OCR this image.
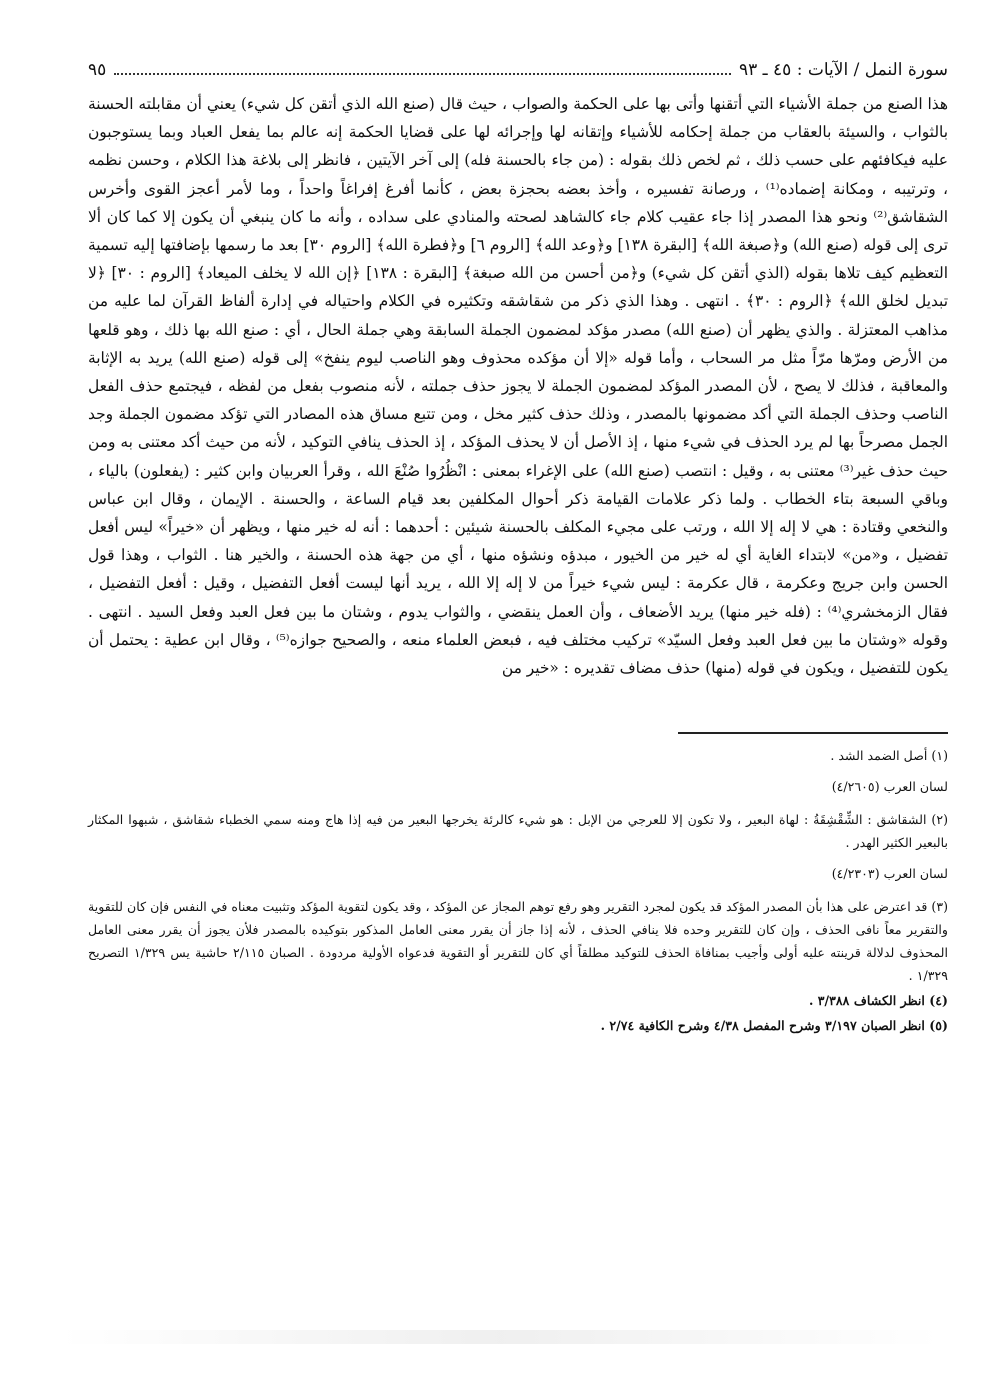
سورة النمل / الآيات : ٤٥ ـ ٩٣
٩٥

هذا الصنع من جملة الأشياء التي أتقنها وأتى بها على الحكمة والصواب ، حيث قال (صنع الله الذي أتقن كل شيء) يعني أن مقابلته الحسنة بالثواب ، والسيئة بالعقاب من جملة إحكامه للأشياء وإتقانه لها وإجرائه لها على قضايا الحكمة إنه عالم بما يفعل العباد وبما يستوجبون عليه فيكافئهم على حسب ذلك ، ثم لخص ذلك بقوله : (من جاء بالحسنة فله) إلى آخر الآيتين ، فانظر إلى بلاغة هذا الكلام ، وحسن نظمه ، وترتيبه ، ومكانة إضماده⁽¹⁾ ، ورصانة تفسيره ، وأخذ بعضه بحجزة بعض ، كأنما أفرغ إفراغاً واحداً ، وما لأمر أعجز القوى وأخرس الشقاشق⁽²⁾ ونحو هذا المصدر إذا جاء عقيب كلام جاء كالشاهد لصحته والمنادي على سداده ، وأنه ما كان ينبغي أن يكون إلا كما كان ألا ترى إلى قوله (صنع الله) و﴿صبغة الله﴾ [البقرة ١٣٨] و﴿وعد الله﴾ [الروم ٦] و﴿فطرة الله﴾ [الروم ٣٠] بعد ما رسمها بإضافتها إليه تسمية التعظيم كيف تلاها بقوله (الذي أتقن كل شيء) و﴿من أحسن من الله صبغة﴾ [البقرة : ١٣٨] ﴿إن الله لا يخلف الميعاد﴾ [الروم : ٣٠] ﴿لا تبديل لخلق الله﴾ ﴿الروم : ٣٠﴾ . انتهى . وهذا الذي ذكر من شقاشقه وتكثيره في الكلام واحتياله في إدارة ألفاظ القرآن لما عليه من مذاهب المعتزلة . والذي يظهر أن (صنع الله) مصدر مؤكد لمضمون الجملة السابقة وهي جملة الحال ، أي : صنع الله بها ذلك ، وهو قلعها من الأرض ومرّها مرّاً مثل مر السحاب ، وأما قوله «إلا أن مؤكده محذوف وهو الناصب ليوم ينفخ» إلى قوله (صنع الله) يريد به الإثابة والمعاقبة ، فذلك لا يصح ، لأن المصدر المؤكد لمضمون الجملة لا يجوز حذف جملته ، لأنه منصوب بفعل من لفظه ، فيجتمع حذف الفعل الناصب وحذف الجملة التي أكد مضمونها بالمصدر ، وذلك حذف كثير مخل ، ومن تتبع مساق هذه المصادر التي تؤكد مضمون الجملة وجد الجمل مصرحاً بها لم يرد الحذف في شيء منها ، إذ الأصل أن لا يحذف المؤكد ، إذ الحذف ينافي التوكيد ، لأنه من حيث أكد معتنى به ومن حيث حذف غير⁽³⁾ معتنى به ، وقيل : انتصب (صنع الله) على الإغراء بمعنى : انْظُرُوا صُنْعَ الله ، وقرأ العربيان وابن كثير : (يفعلون) بالياء ، وباقي السبعة بتاء الخطاب . ولما ذكر علامات القيامة ذكر أحوال المكلفين بعد قيام الساعة ، والحسنة . الإيمان ، وقال ابن عباس والنخعي وقتادة : هي لا إله إلا الله ، ورتب على مجيء المكلف بالحسنة شيئين : أحدهما : أنه له خير منها ، ويظهر أن «خيراً» ليس أفعل تفضيل ، و«من» لابتداء الغاية أي له خير من الخيور ، مبدؤه ونشؤه منها ، أي من جهة هذه الحسنة ، والخير هنا . الثواب ، وهذا قول الحسن وابن جريج وعكرمة ، قال عكرمة : ليس شيء خيراً من لا إله إلا الله ، يريد أنها ليست أفعل التفضيل ، وقيل : أفعل التفضيل ، فقال الزمخشري⁽⁴⁾ : (فله خير منها) يريد الأضعاف ، وأن العمل ينقضي ، والثواب يدوم ، وشتان ما بين فعل العبد وفعل السيد . انتهى . وقوله «وشتان ما بين فعل العبد وفعل السيّد» تركيب مختلف فيه ، فبعض العلماء منعه ، والصحيح جوازه⁽⁵⁾ ، وقال ابن عطية : يحتمل أن يكون للتفضيل ، ويكون في قوله (منها) حذف مضاف تقديره : «خير من

(١) أصل الضمد الشد .
لسان العرب (٤/٢٦٠٥)
(٢) الشقاشق : الشِّقْشِقَةُ : لهاة البعير ، ولا تكون إلا للعرجي من الإبل : هو شيء كالرئة يخرجها البعير من فيه إذا هاج ومنه سمي الخطباء شقاشق ، شبهوا المكثار بالبعير الكثير الهدر .
لسان العرب (٤/٢٣٠٣)
(٣) قد اعترض على هذا بأن المصدر المؤكد قد يكون لمجرد التقرير وهو رفع توهم المجاز عن المؤكد ، وقد يكون لتقوية المؤكد وتثبيت معناه في النفس فإن كان للتقوية والتقرير معاً نافى الحذف ، وإن كان للتقرير وحده فلا ينافي الحذف ، لأنه إذا جاز أن يقرر معنى العامل المذكور بتوكيده بالمصدر فلأن يجوز أن يقرر معنى العامل المحذوف لدلالة قرينته عليه أولى وأجيب بمنافاة الحذف للتوكيد مطلقاً أي كان للتقرير أو التقوية فدعواه الأولية مردودة . الصبان ٢/١١٥ حاشية يس ١/٣٢٩ التصريح ١/٣٢٩ .
(٤) انظر الكشاف ٣/٣٨٨ .
(٥) انظر الصبان ٣/١٩٧ وشرح المفصل ٤/٣٨ وشرح الكافية ٢/٧٤ .
